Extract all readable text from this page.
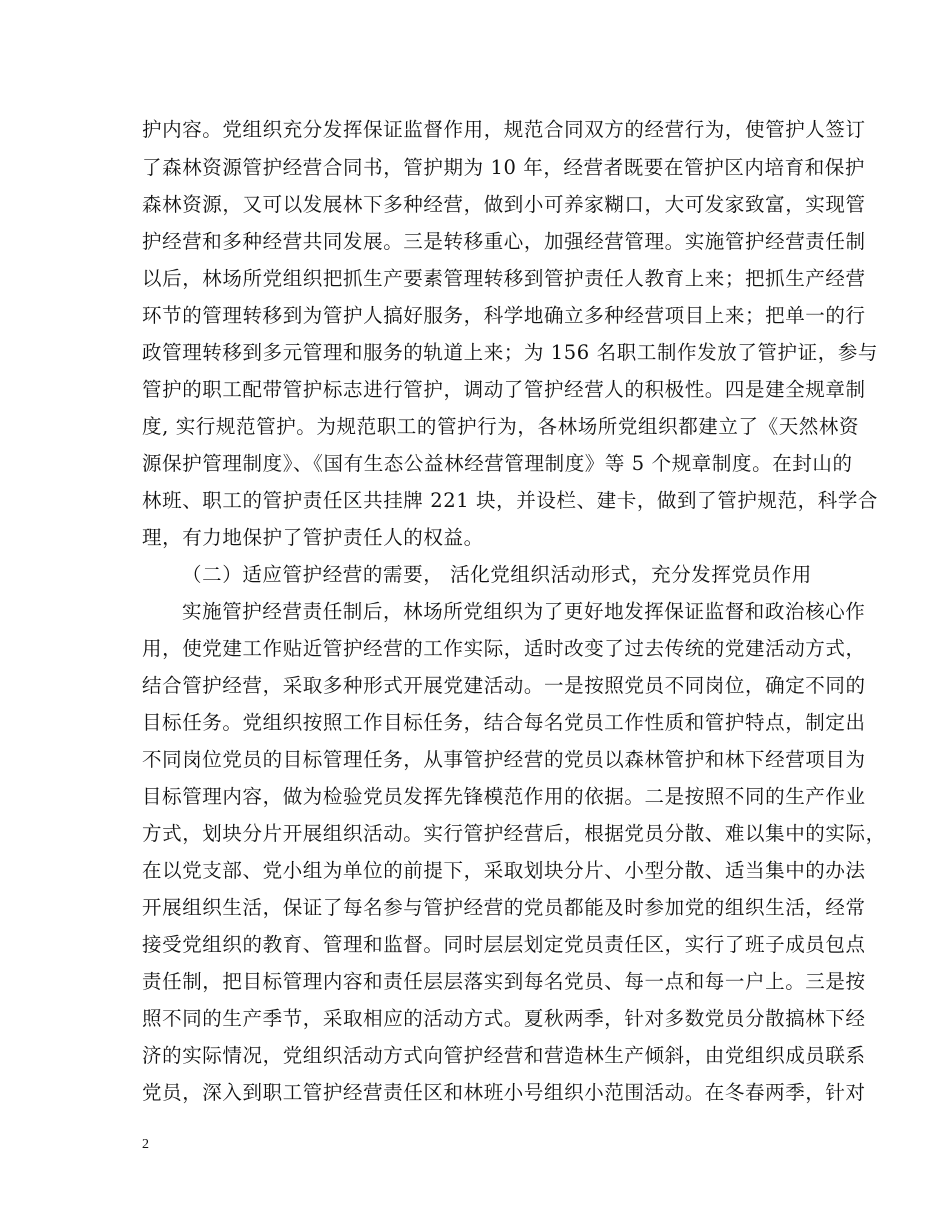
护内容。党组织充分发挥保证监督作用，规范合同双方的经营行为，使管护人签订
了森林资源管护经营合同书，管护期为 10 年，经营者既要在管护区内培育和保护
森林资源，又可以发展林下多种经营，做到小可养家糊口，大可发家致富，实现管
护经营和多种经营共同发展。三是转移重心，加强经营管理。实施管护经营责任制
以后，林场所党组织把抓生产要素管理转移到管护责任人教育上来；把抓生产经营
环节的管理转移到为管护人搞好服务，科学地确立多种经营项目上来；把单一的行
政管理转移到多元管理和服务的轨道上来；为 156 名职工制作发放了管护证，参与
管护的职工配带管护标志进行管护，调动了管护经营人的积极性。四是建全规章制
度, 实行规范管护。为规范职工的管护行为，各林场所党组织都建立了《天然林资
源保护管理制度》、《国有生态公益林经营管理制度》等 5 个规章制度。在封山的
林班、职工的管护责任区共挂牌 221 块，并设栏、建卡，做到了管护规范，科学合
理，有力地保护了管护责任人的权益。
（二）适应管护经营的需要， 活化党组织活动形式，充分发挥党员作用
实施管护经营责任制后，林场所党组织为了更好地发挥保证监督和政治核心作
用，使党建工作贴近管护经营的工作实际，适时改变了过去传统的党建活动方式，
结合管护经营，采取多种形式开展党建活动。一是按照党员不同岗位，确定不同的
目标任务。党组织按照工作目标任务，结合每名党员工作性质和管护特点，制定出
不同岗位党员的目标管理任务，从事管护经营的党员以森林管护和林下经营项目为
目标管理内容，做为检验党员发挥先锋模范作用的依据。二是按照不同的生产作业
方式，划块分片开展组织活动。实行管护经营后，根据党员分散、难以集中的实际，
在以党支部、党小组为单位的前提下，采取划块分片、小型分散、适当集中的办法
开展组织生活，保证了每名参与管护经营的党员都能及时参加党的组织生活，经常
接受党组织的教育、管理和监督。同时层层划定党员责任区，实行了班子成员包点
责任制，把目标管理内容和责任层层落实到每名党员、每一点和每一户上。三是按
照不同的生产季节，采取相应的活动方式。夏秋两季，针对多数党员分散搞林下经
济的实际情况，党组织活动方式向管护经营和营造林生产倾斜，由党组织成员联系
党员，深入到职工管护经营责任区和林班小号组织小范围活动。在冬春两季，针对
2
